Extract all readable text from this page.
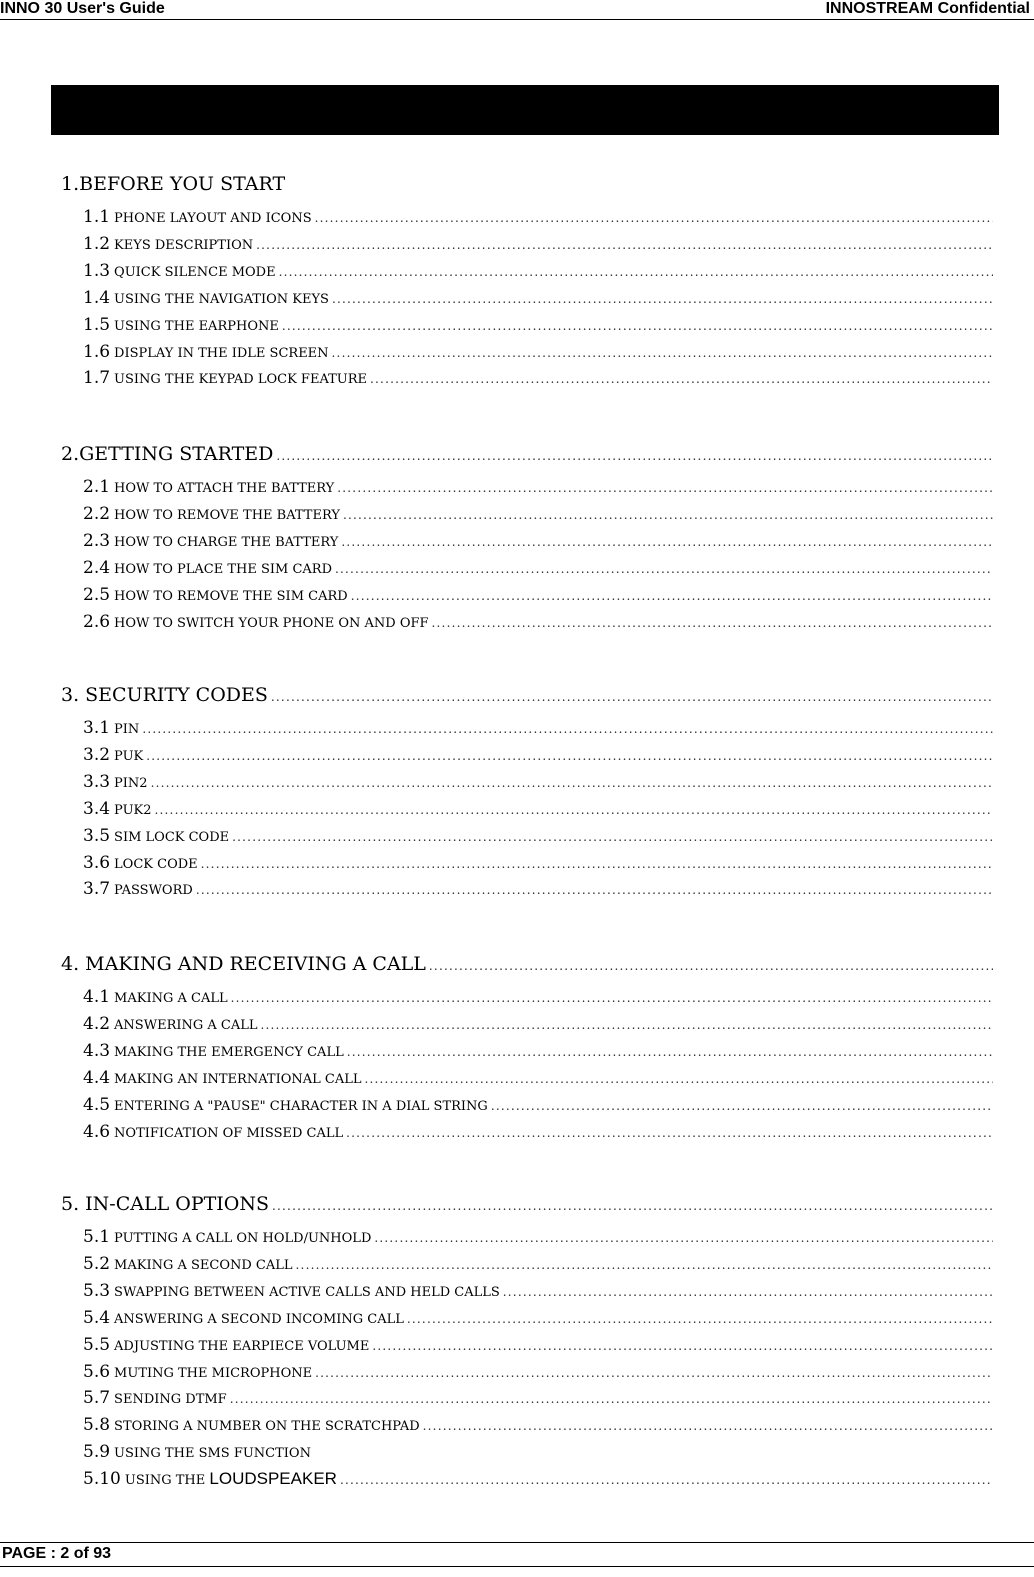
INNO 30 User's Guide	INNOSTREAM Confidential
1.BEFORE YOU START
1.1 PHONE LAYOUT AND ICONS
.....
1.2 KEYS DESCRIPTION
.....
1.3 QUICK SILENCE MODE
.....
1.4 USING THE NAVIGATION KEYS
.....
1.5 USING THE EARPHONE
.....
1.6 DISPLAY IN THE IDLE SCREEN
.....
1.7 USING THE KEYPAD LOCK FEATURE
.....
2.GETTING STARTED
.....
2.1 HOW TO ATTACH THE BATTERY
.....
2.2 HOW TO REMOVE THE BATTERY
.....
2.3 HOW TO CHARGE THE BATTERY
.....
2.4 HOW TO PLACE THE SIM CARD
.....
2.5 HOW TO REMOVE THE SIM CARD
.....
2.6 HOW TO SWITCH YOUR PHONE ON AND OFF
.....
3. SECURITY CODES
.....
3.1 PIN
.....
3.2 PUK
.....
3.3 PIN2
.....
3.4 PUK2
.....
3.5 SIM LOCK CODE
.....
3.6 LOCK CODE
.....
3.7 PASSWORD
.....
4. MAKING AND RECEIVING A CALL
.....
4.1 MAKING A CALL
.....
4.2 ANSWERING A CALL
.....
4.3 MAKING THE EMERGENCY CALL
.....
4.4 MAKING AN INTERNATIONAL CALL
.....
4.5 ENTERING A "PAUSE" CHARACTER IN A DIAL STRING
.....
4.6 NOTIFICATION OF MISSED CALL
.....
5. IN-CALL OPTIONS
.....
5.1 PUTTING A CALL ON HOLD/UNHOLD
.....
5.2 MAKING A SECOND CALL
.....
5.3 SWAPPING BETWEEN ACTIVE CALLS AND HELD CALLS
.....
5.4 ANSWERING A SECOND INCOMING CALL
.....
5.5 ADJUSTING THE EARPIECE VOLUME
.....
5.6 MUTING THE MICROPHONE
.....
5.7 SENDING DTMF
.....
5.8 STORING A NUMBER ON THE SCRATCHPAD
.....
5.9 USING THE SMS FUNCTION
5.10 USING THE
LOUDSPEAKER
.....
PAGE : 2 of 93
